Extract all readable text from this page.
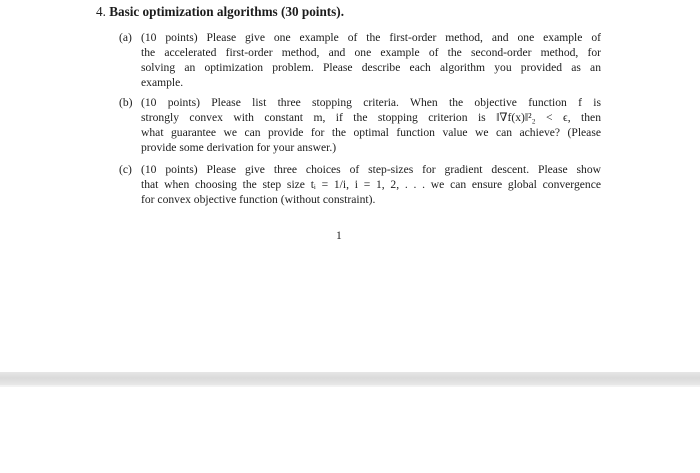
4. Basic optimization algorithms (30 points).
(a) (10 points) Please give one example of the first-order method, and one example of
the accelerated first-order method, and one example of the second-order method, for
solving an optimization problem. Please describe each algorithm you provided as an
example.
(b) (10 points) Please list three stopping criteria. When the objective function f is
strongly convex with constant m, if the stopping criterion is ‖∇f(x)‖²₂ < ϵ, then
what guarantee we can provide for the optimal function value we can achieve? (Please
provide some derivation for your answer.)
(c) (10 points) Please give three choices of step-sizes for gradient descent. Please show
that when choosing the step size tᵢ = 1/i, i = 1, 2, . . . we can ensure global convergence
for convex objective function (without constraint).
1
